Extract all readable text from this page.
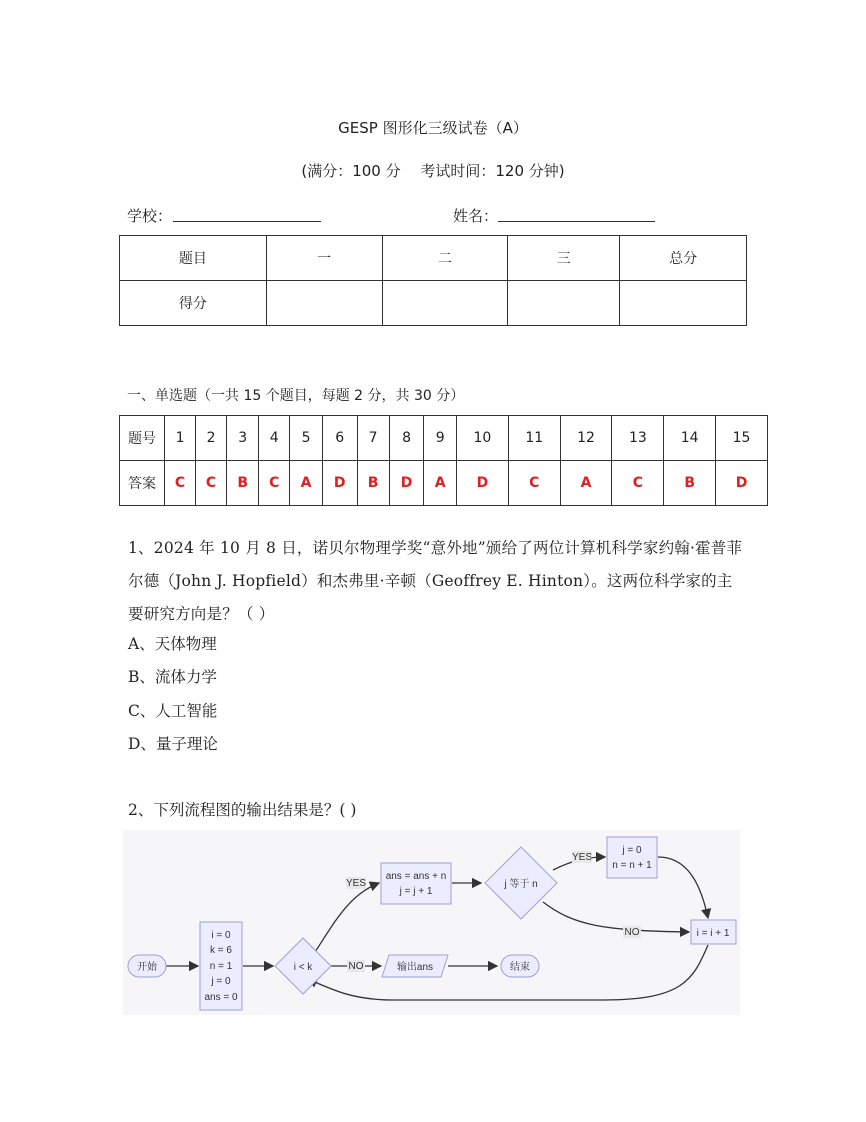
GESP 图形化三级试卷（A）
(满分：100 分　 考试时间：120 分钟)
学校：	姓名：
题目	一	二	三	总分
得分				
一、单选题（一共 15 个题目，每题 2 分，共 30 分）
题号	1	2	3	4	5	6	7	8	9	10	11	12	13	14	15
答案	C	C	B	C	A	D	B	D	A	D	C	A	C	B	D
1、2024 年 10 月 8 日，诺贝尔物理学奖“意外地”颁给了两位计算机科学家约翰·霍普菲尔德（John J. Hopfield）和杰弗里·辛顿（Geoffrey E. Hinton）。这两位科学家的主要研究方向是？（ ）
A、天体物理
B、流体力学
C、人工智能
D、量子理论
2、下列流程图的输出结果是？( )
YES
NO
YES
NO
开始
i = 0
k = 6
n = 1
j = 0
ans = 0
i < k	输出ans	结束
ans = ans + n
j = j + 1
j 等于 n
j = 0
n = n + 1
i = i + 1
